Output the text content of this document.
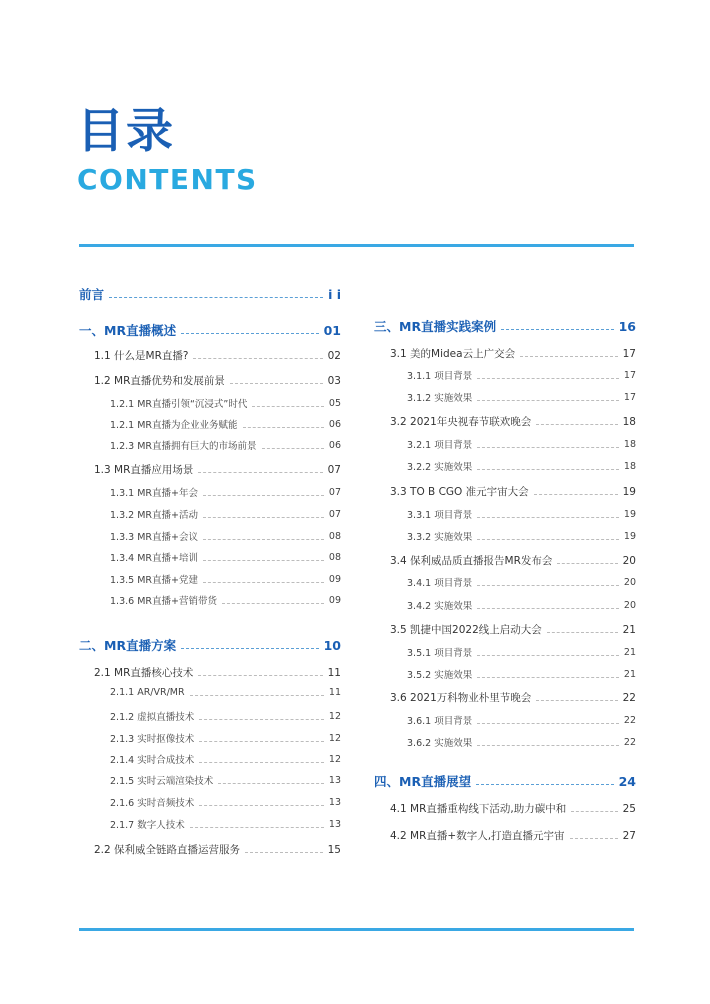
目录
CONTENTS
前言	i i
一、MR直播概述	01
1.1 什么是MR直播?	02
1.2 MR直播优势和发展前景	03
1.2.1 MR直播引领“沉浸式”时代	05
1.2.1 MR直播为企业业务赋能	06
1.2.3 MR直播拥有巨大的市场前景	06
1.3 MR直播应用场景	07
1.3.1 MR直播+年会	07
1.3.2 MR直播+活动	07
1.3.3 MR直播+会议	08
1.3.4 MR直播+培训	08
1.3.5 MR直播+党建	09
1.3.6 MR直播+营销带货	09
二、MR直播方案	10
2.1 MR直播核心技术	11
2.1.1 AR/VR/MR	11
2.1.2 虚拟直播技术	12
2.1.3 实时抠像技术	12
2.1.4 实时合成技术	12
2.1.5 实时云端渲染技术	13
2.1.6 实时音频技术	13
2.1.7 数字人技术	13
2.2 保利威全链路直播运营服务	15
三、MR直播实践案例	16
3.1 美的Midea云上广交会	17
3.1.1 项目背景	17
3.1.2 实施效果	17
3.2 2021年央视春节联欢晚会	18
3.2.1 项目背景	18
3.2.2 实施效果	18
3.3 TO B CGO 准元宇宙大会	19
3.3.1 项目背景	19
3.3.2 实施效果	19
3.4 保利威品质直播报告MR发布会	20
3.4.1 项目背景	20
3.4.2 实施效果	20
3.5 凯捷中国2022线上启动大会	21
3.5.1 项目背景	21
3.5.2 实施效果	21
3.6 2021万科物业朴里节晚会	22
3.6.1 项目背景	22
3.6.2 实施效果	22
四、MR直播展望	24
4.1 MR直播重构线下活动,助力碳中和	25
4.2 MR直播+数字人,打造直播元宇宙	27
